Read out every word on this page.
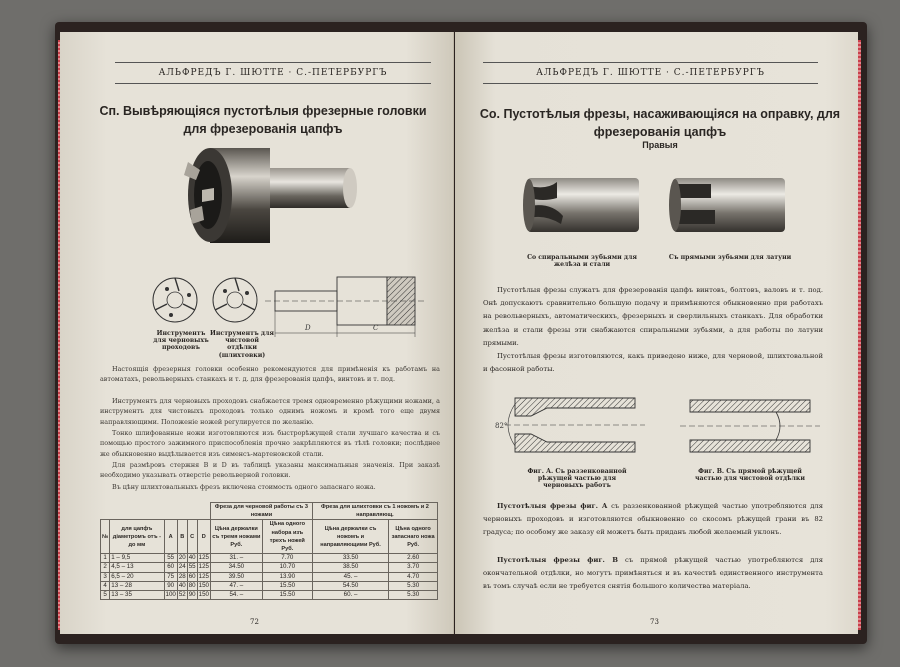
АЛЬФРЕДЪ Г. ШЮТТЕ · С.-ПЕТЕРБУРГЪ
Сп. Вывѣряющіяся пустотѣлыя фрезерные головки для фрезерованія цапфъ
D	C
Инструментъ для черновыхъ проходовъ
Инструментъ для чистовой отдѣлки (шлихтовки)
Настоящія фрезерныя головки особенно рекомендуются для примѣненія къ работамъ на автоматахъ, револьверныхъ станкахъ и т. д. для фрезерованія цапфъ, винтовъ и т. под.
Инструментъ для черновыхъ проходовъ снабжается тремя одновременно рѣжущими ножами, а инструментъ для чистовыхъ проходовъ только однимъ ножомъ и кромѣ того еще двумя направляющими. Положеніе ножей регулируется по желанію.
Тонко шлифованные ножи изготовляются изъ быстрорѣжущей стали лучшаго качества и съ помощью простого зажимного приспособленія прочно закрѣпляются въ тѣлѣ головки; послѣднее же обыкновенно выдѣлывается изъ сименсъ-мартеновской стали.
Для размѣровъ стержня В и D въ таблицѣ указаны максимальныя значенія. При заказѣ необходимо указывать отверстіе револьверной головки.
Въ цѣну шлихтовальныхъ фрезъ включена стоимость одного запаснаго ножа.
						Фреза для черновой работы съ 3 ножами		Фреза для шлихтовки съ 1 ножомъ и 2 направляющ.	
№	для цапфъ діаметромъ отъ - до мм	A	B	C	D	Цѣна держалки съ тремя ножами Руб.	Цѣна одного набора изъ трехъ ножей Руб.	Цѣна держалки съ ножомъ и направляющими Руб.	Цѣна одного запаснаго ножа Руб.
1	1 – 9,5	55	20	40	125	31. –	7.70	33.50	2.60
2	4,5 – 13	60	24	55	125	34.50	10.70	38.50	3.70
3	6,5 – 20	75	28	60	125	39.50	13.90	45. –	4.70
4	13 – 28	90	40	80	150	47. –	15.50	54.50	5.30
5	13 – 35	100	52	90	150	54. –	15.50	60. –	5.30
72
АЛЬФРЕДЪ Г. ШЮТТЕ · С.-ПЕТЕРБУРГЪ
Со. Пустотѣлыя фрезы, насаживающіяся на оправку, для фрезерованія цапфъ
Правыя
Со спиральными зубьями для желѣза и стали
Съ прямыми зубьями для латуни
Пустотѣлыя фрезы служатъ для фрезерованія цапфъ винтовъ, болтовъ, валовъ и т. под. Онѣ допускаютъ сравнительно большую подачу и примѣняются обыкновенно при работахъ на револьверныхъ, автоматическихъ, фрезерныхъ и сверлильныхъ станкахъ. Для обработки желѣза и стали фрезы эти снабжаются спиральными зубьями, а для работы по латуни прямыми.
Пустотѣлыя фрезы изготовляются, какъ приведено ниже, для черновой, шлихтовальной и фасонной работы.
82°
Фиг. А. Съ раззенкованной рѣжущей частью для черновыхъ работъ
Фиг. В. Съ прямой рѣжущей частью для чистовой отдѣлки
Пустотѣлыя фрезы фиг. А съ раззенкованной рѣжущей частью употребляются для черновыхъ проходовъ и изготовляются обыкновенно со скосомъ рѣжущей грани въ 82 градуса; по особому же заказу ей можетъ быть приданъ любой желаемый уклонъ.
Пустотѣлыя фрезы фиг. В съ прямой рѣжущей частью употребляются для окончательной отдѣлки, но могутъ примѣняться и въ качествѣ единственного инструмента въ томъ случаѣ если не требуется снятія большого количества матеріала.
73
